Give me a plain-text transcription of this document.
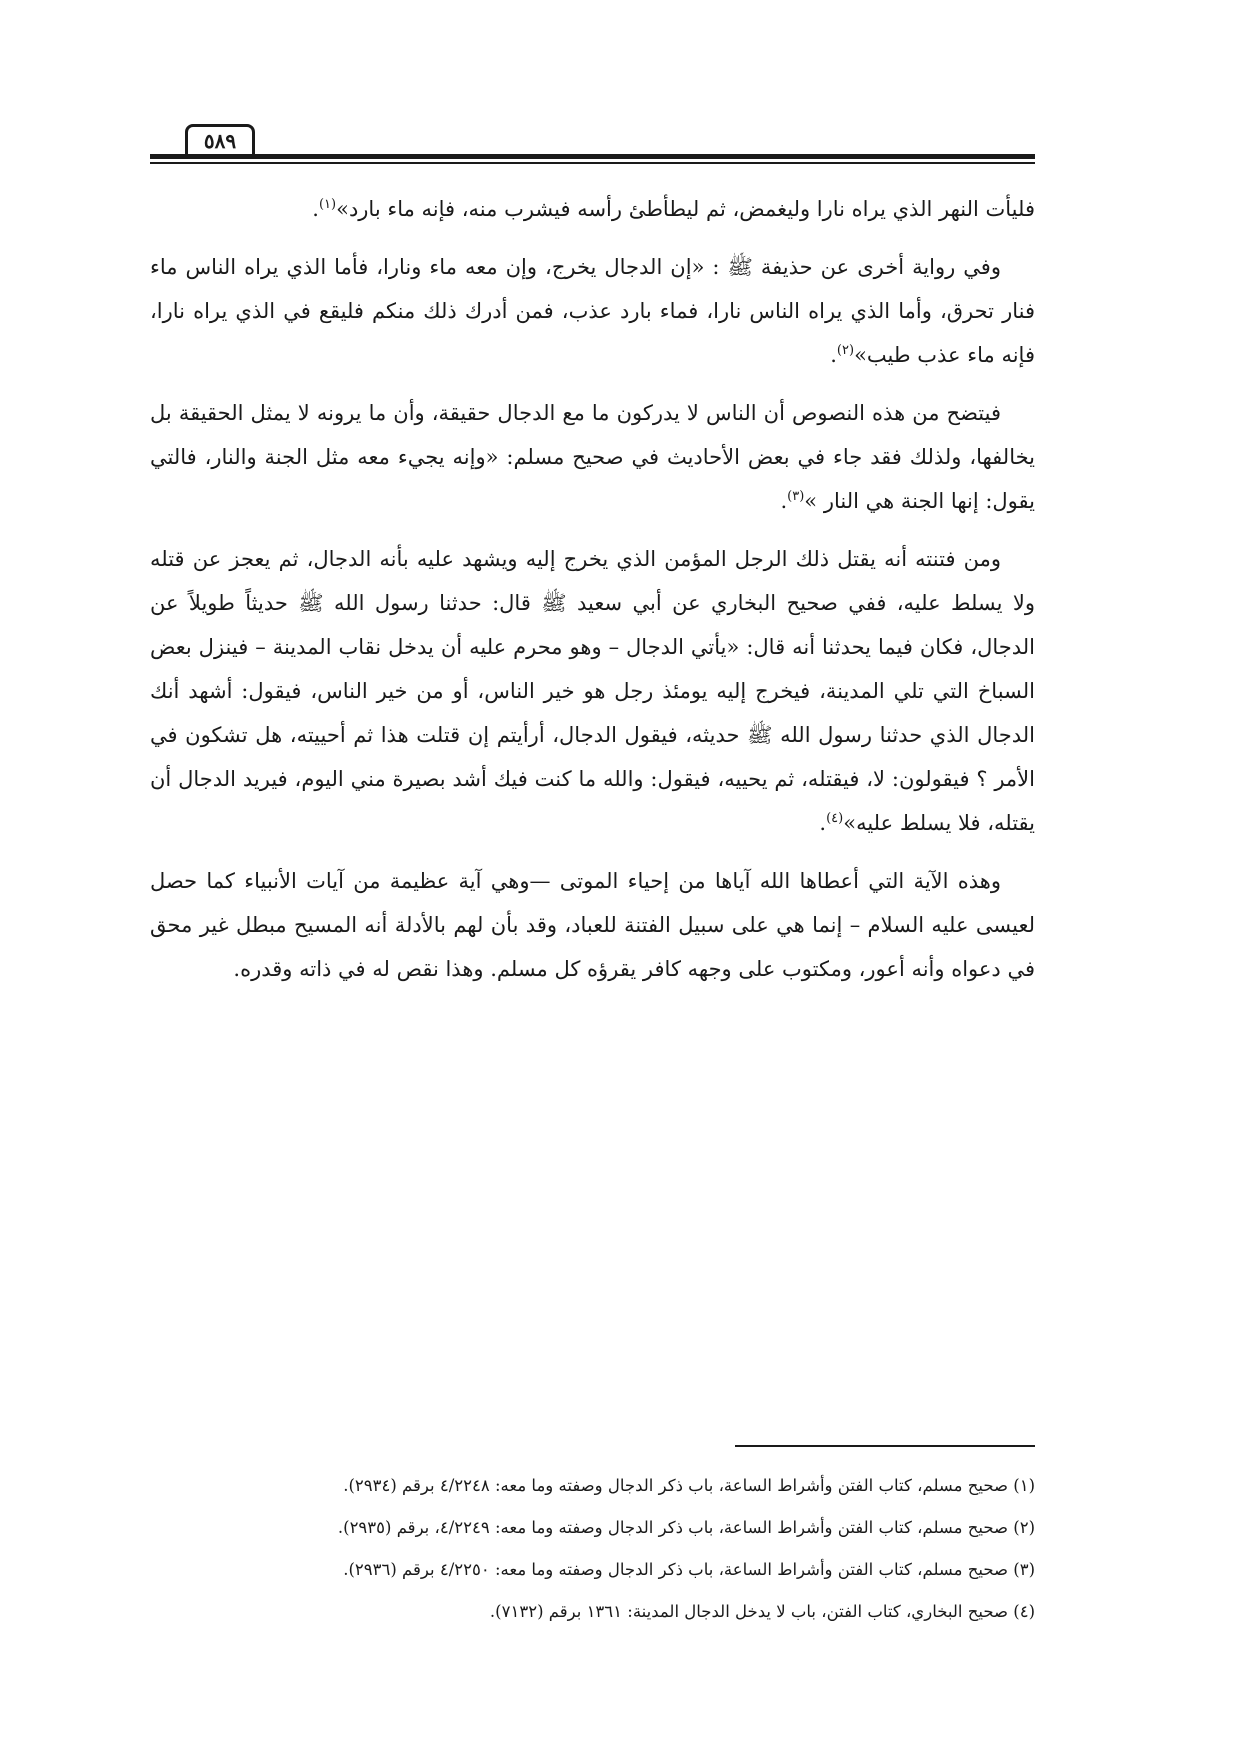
٥٨٩

فليأت النهر الذي يراه نارا وليغمض، ثم ليطأطئ رأسه فيشرب منه، فإنه ماء بارد»$^{(١)}$.

وفي رواية أخرى عن حذيفة ﷺ : «إن الدجال يخرج، وإن معه ماء ونارا، فأما الذي يراه الناس ماء فنار تحرق، وأما الذي يراه الناس نارا، فماء بارد عذب، فمن أدرك ذلك منكم فليقع في الذي يراه نارا، فإنه ماء عذب طيب»$^{(٢)}$.

فيتضح من هذه النصوص أن الناس لا يدركون ما مع الدجال حقيقة، وأن ما يرونه لا يمثل الحقيقة بل يخالفها، ولذلك فقد جاء في بعض الأحاديث في صحيح مسلم: «وإنه يجيء معه مثل الجنة والنار، فالتي يقول: إنها الجنة هي النار »$^{(٣)}$.

ومن فتنته أنه يقتل ذلك الرجل المؤمن الذي يخرج إليه ويشهد عليه بأنه الدجال، ثم يعجز عن قتله ولا يسلط عليه، ففي صحيح البخاري عن أبي سعيد ﷺ قال: حدثنا رسول الله ﷺ حديثاً طويلاً عن الدجال، فكان فيما يحدثنا أنه قال: «يأتي الدجال – وهو محرم عليه أن يدخل نقاب المدينة – فينزل بعض السباخ التي تلي المدينة، فيخرج إليه يومئذ رجل هو خير الناس، أو من خير الناس، فيقول: أشهد أنك الدجال الذي حدثنا رسول الله ﷺ حديثه، فيقول الدجال، أرأيتم إن قتلت هذا ثم أحييته، هل تشكون في الأمر ؟ فيقولون: لا، فيقتله، ثم يحييه، فيقول: والله ما كنت فيك أشد بصيرة مني اليوم، فيريد الدجال أن يقتله، فلا يسلط عليه»$^{(٤)}$.

وهذه الآية التي أعطاها الله آياها من إحياء الموتى —وهي آية عظيمة من آيات الأنبياء كما حصل لعيسى عليه السلام – إنما هي على سبيل الفتنة للعباد، وقد بأن لهم بالأدلة أنه المسيح مبطل غير محق في دعواه وأنه أعور، ومكتوب على وجهه كافر يقرؤه كل مسلم. وهذا نقص له في ذاته وقدره.

(١) صحيح مسلم، كتاب الفتن وأشراط الساعة، باب ذكر الدجال وصفته وما معه: ٤/٢٢٤٨ برقم (٢٩٣٤).

(٢) صحيح مسلم، كتاب الفتن وأشراط الساعة، باب ذكر الدجال وصفته وما معه: ٤/٢٢٤٩، برقم (٢٩٣٥).

(٣) صحيح مسلم، كتاب الفتن وأشراط الساعة، باب ذكر الدجال وصفته وما معه: ٤/٢٢٥٠ برقم (٢٩٣٦).

(٤) صحيح البخاري، كتاب الفتن، باب لا يدخل الدجال المدينة: ١٣٦١ برقم (٧١٣٢).
